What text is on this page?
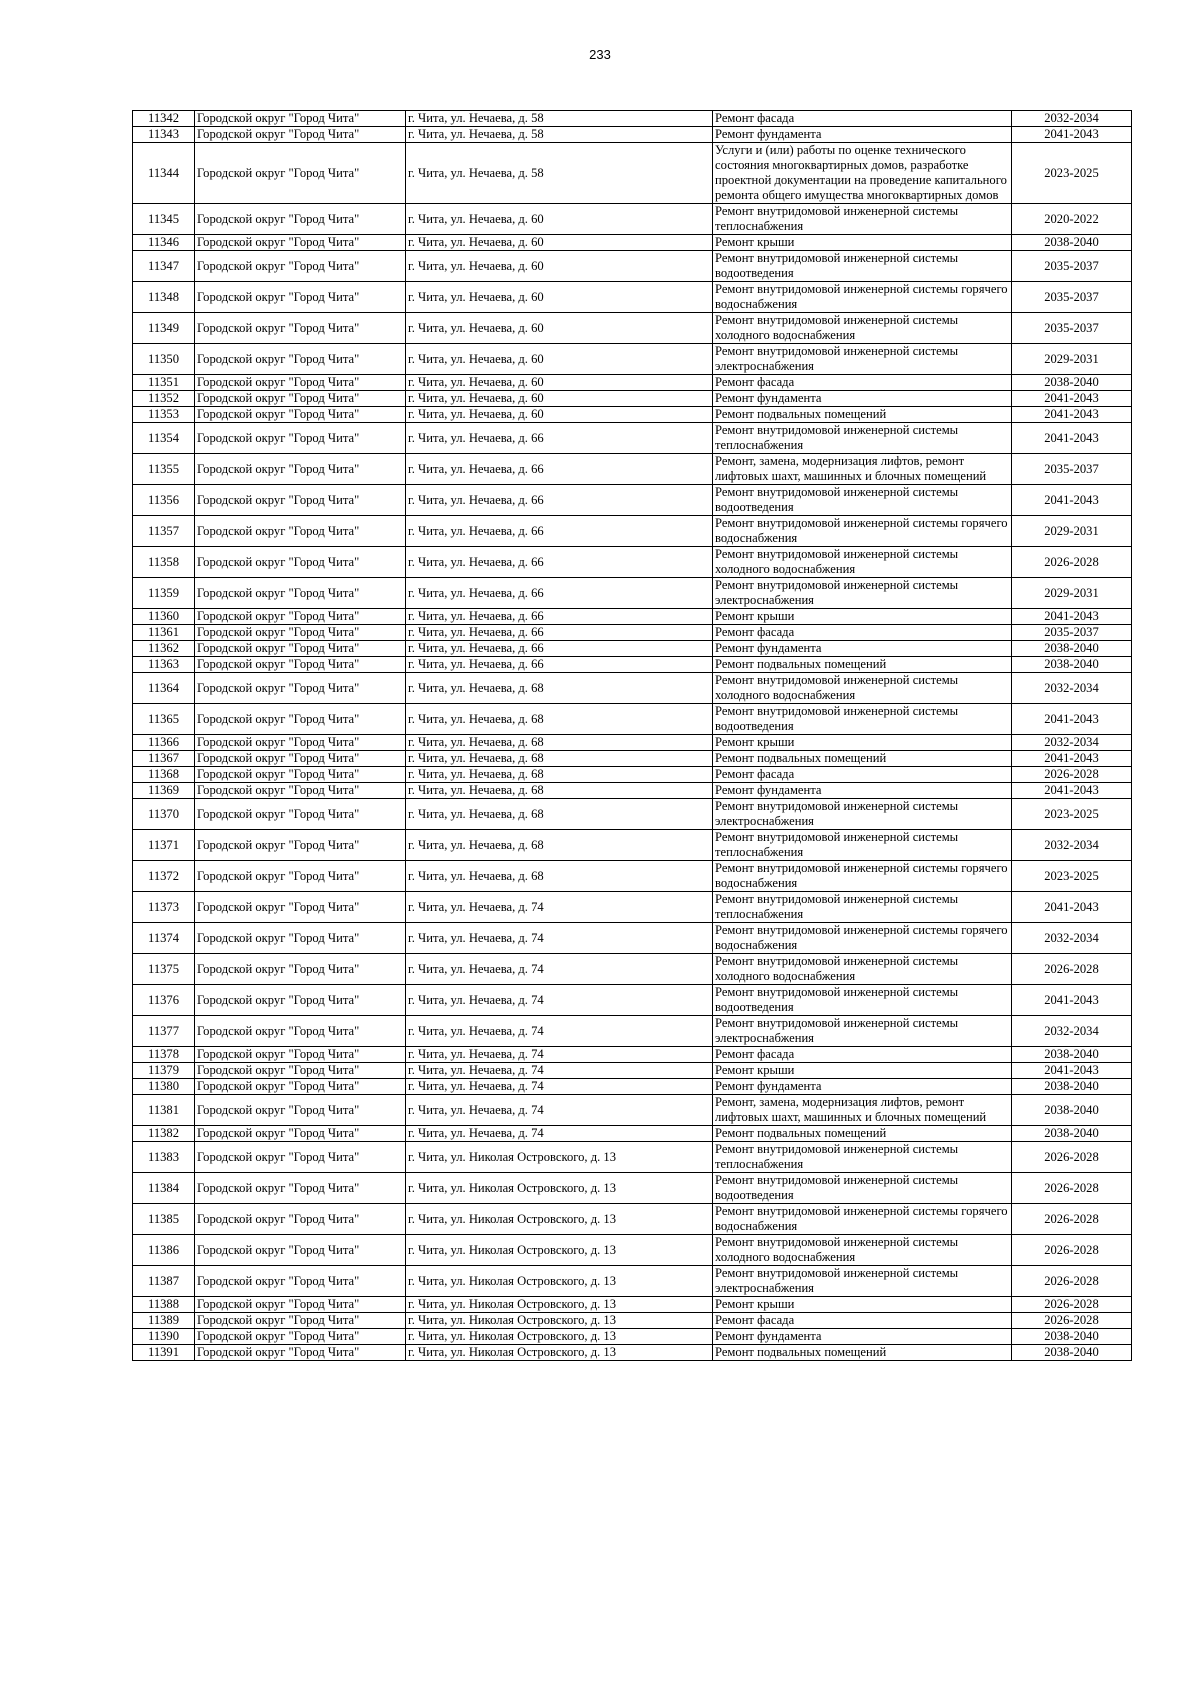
233
11342	Городской округ "Город Чита"	г. Чита, ул. Нечаева, д. 58	Ремонт фасада	2032-2034
11343	Городской округ "Город Чита"	г. Чита, ул. Нечаева, д. 58	Ремонт фундамента	2041-2043
11344	Городской округ "Город Чита"	г. Чита, ул. Нечаева, д. 58	Услуги и (или) работы по оценке технического состояния многоквартирных домов, разработке проектной документации на проведение капитального ремонта общего имущества многоквартирных домов	2023-2025
11345	Городской округ "Город Чита"	г. Чита, ул. Нечаева, д. 60	Ремонт внутридомовой инженерной системы теплоснабжения	2020-2022
11346	Городской округ "Город Чита"	г. Чита, ул. Нечаева, д. 60	Ремонт крыши	2038-2040
11347	Городской округ "Город Чита"	г. Чита, ул. Нечаева, д. 60	Ремонт внутридомовой инженерной системы водоотведения	2035-2037
11348	Городской округ "Город Чита"	г. Чита, ул. Нечаева, д. 60	Ремонт внутридомовой инженерной системы горячего водоснабжения	2035-2037
11349	Городской округ "Город Чита"	г. Чита, ул. Нечаева, д. 60	Ремонт внутридомовой инженерной системы холодного водоснабжения	2035-2037
11350	Городской округ "Город Чита"	г. Чита, ул. Нечаева, д. 60	Ремонт внутридомовой инженерной системы электроснабжения	2029-2031
11351	Городской округ "Город Чита"	г. Чита, ул. Нечаева, д. 60	Ремонт фасада	2038-2040
11352	Городской округ "Город Чита"	г. Чита, ул. Нечаева, д. 60	Ремонт фундамента	2041-2043
11353	Городской округ "Город Чита"	г. Чита, ул. Нечаева, д. 60	Ремонт подвальных помещений	2041-2043
11354	Городской округ "Город Чита"	г. Чита, ул. Нечаева, д. 66	Ремонт внутридомовой инженерной системы теплоснабжения	2041-2043
11355	Городской округ "Город Чита"	г. Чита, ул. Нечаева, д. 66	Ремонт, замена, модернизация лифтов, ремонт лифтовых шахт, машинных и блочных помещений	2035-2037
11356	Городской округ "Город Чита"	г. Чита, ул. Нечаева, д. 66	Ремонт внутридомовой инженерной системы водоотведения	2041-2043
11357	Городской округ "Город Чита"	г. Чита, ул. Нечаева, д. 66	Ремонт внутридомовой инженерной системы горячего водоснабжения	2029-2031
11358	Городской округ "Город Чита"	г. Чита, ул. Нечаева, д. 66	Ремонт внутридомовой инженерной системы холодного водоснабжения	2026-2028
11359	Городской округ "Город Чита"	г. Чита, ул. Нечаева, д. 66	Ремонт внутридомовой инженерной системы электроснабжения	2029-2031
11360	Городской округ "Город Чита"	г. Чита, ул. Нечаева, д. 66	Ремонт крыши	2041-2043
11361	Городской округ "Город Чита"	г. Чита, ул. Нечаева, д. 66	Ремонт фасада	2035-2037
11362	Городской округ "Город Чита"	г. Чита, ул. Нечаева, д. 66	Ремонт фундамента	2038-2040
11363	Городской округ "Город Чита"	г. Чита, ул. Нечаева, д. 66	Ремонт подвальных помещений	2038-2040
11364	Городской округ "Город Чита"	г. Чита, ул. Нечаева, д. 68	Ремонт внутридомовой инженерной системы холодного водоснабжения	2032-2034
11365	Городской округ "Город Чита"	г. Чита, ул. Нечаева, д. 68	Ремонт внутридомовой инженерной системы водоотведения	2041-2043
11366	Городской округ "Город Чита"	г. Чита, ул. Нечаева, д. 68	Ремонт крыши	2032-2034
11367	Городской округ "Город Чита"	г. Чита, ул. Нечаева, д. 68	Ремонт подвальных помещений	2041-2043
11368	Городской округ "Город Чита"	г. Чита, ул. Нечаева, д. 68	Ремонт фасада	2026-2028
11369	Городской округ "Город Чита"	г. Чита, ул. Нечаева, д. 68	Ремонт фундамента	2041-2043
11370	Городской округ "Город Чита"	г. Чита, ул. Нечаева, д. 68	Ремонт внутридомовой инженерной системы электроснабжения	2023-2025
11371	Городской округ "Город Чита"	г. Чита, ул. Нечаева, д. 68	Ремонт внутридомовой инженерной системы теплоснабжения	2032-2034
11372	Городской округ "Город Чита"	г. Чита, ул. Нечаева, д. 68	Ремонт внутридомовой инженерной системы горячего водоснабжения	2023-2025
11373	Городской округ "Город Чита"	г. Чита, ул. Нечаева, д. 74	Ремонт внутридомовой инженерной системы теплоснабжения	2041-2043
11374	Городской округ "Город Чита"	г. Чита, ул. Нечаева, д. 74	Ремонт внутридомовой инженерной системы горячего водоснабжения	2032-2034
11375	Городской округ "Город Чита"	г. Чита, ул. Нечаева, д. 74	Ремонт внутридомовой инженерной системы холодного водоснабжения	2026-2028
11376	Городской округ "Город Чита"	г. Чита, ул. Нечаева, д. 74	Ремонт внутридомовой инженерной системы водоотведения	2041-2043
11377	Городской округ "Город Чита"	г. Чита, ул. Нечаева, д. 74	Ремонт внутридомовой инженерной системы электроснабжения	2032-2034
11378	Городской округ "Город Чита"	г. Чита, ул. Нечаева, д. 74	Ремонт фасада	2038-2040
11379	Городской округ "Город Чита"	г. Чита, ул. Нечаева, д. 74	Ремонт крыши	2041-2043
11380	Городской округ "Город Чита"	г. Чита, ул. Нечаева, д. 74	Ремонт фундамента	2038-2040
11381	Городской округ "Город Чита"	г. Чита, ул. Нечаева, д. 74	Ремонт, замена, модернизация лифтов, ремонт лифтовых шахт, машинных и блочных помещений	2038-2040
11382	Городской округ "Город Чита"	г. Чита, ул. Нечаева, д. 74	Ремонт подвальных помещений	2038-2040
11383	Городской округ "Город Чита"	г. Чита, ул. Николая Островского, д. 13	Ремонт внутридомовой инженерной системы теплоснабжения	2026-2028
11384	Городской округ "Город Чита"	г. Чита, ул. Николая Островского, д. 13	Ремонт внутридомовой инженерной системы водоотведения	2026-2028
11385	Городской округ "Город Чита"	г. Чита, ул. Николая Островского, д. 13	Ремонт внутридомовой инженерной системы горячего водоснабжения	2026-2028
11386	Городской округ "Город Чита"	г. Чита, ул. Николая Островского, д. 13	Ремонт внутридомовой инженерной системы холодного водоснабжения	2026-2028
11387	Городской округ "Город Чита"	г. Чита, ул. Николая Островского, д. 13	Ремонт внутридомовой инженерной системы электроснабжения	2026-2028
11388	Городской округ "Город Чита"	г. Чита, ул. Николая Островского, д. 13	Ремонт крыши	2026-2028
11389	Городской округ "Город Чита"	г. Чита, ул. Николая Островского, д. 13	Ремонт фасада	2026-2028
11390	Городской округ "Город Чита"	г. Чита, ул. Николая Островского, д. 13	Ремонт фундамента	2038-2040
11391	Городской округ "Город Чита"	г. Чита, ул. Николая Островского, д. 13	Ремонт подвальных помещений	2038-2040
